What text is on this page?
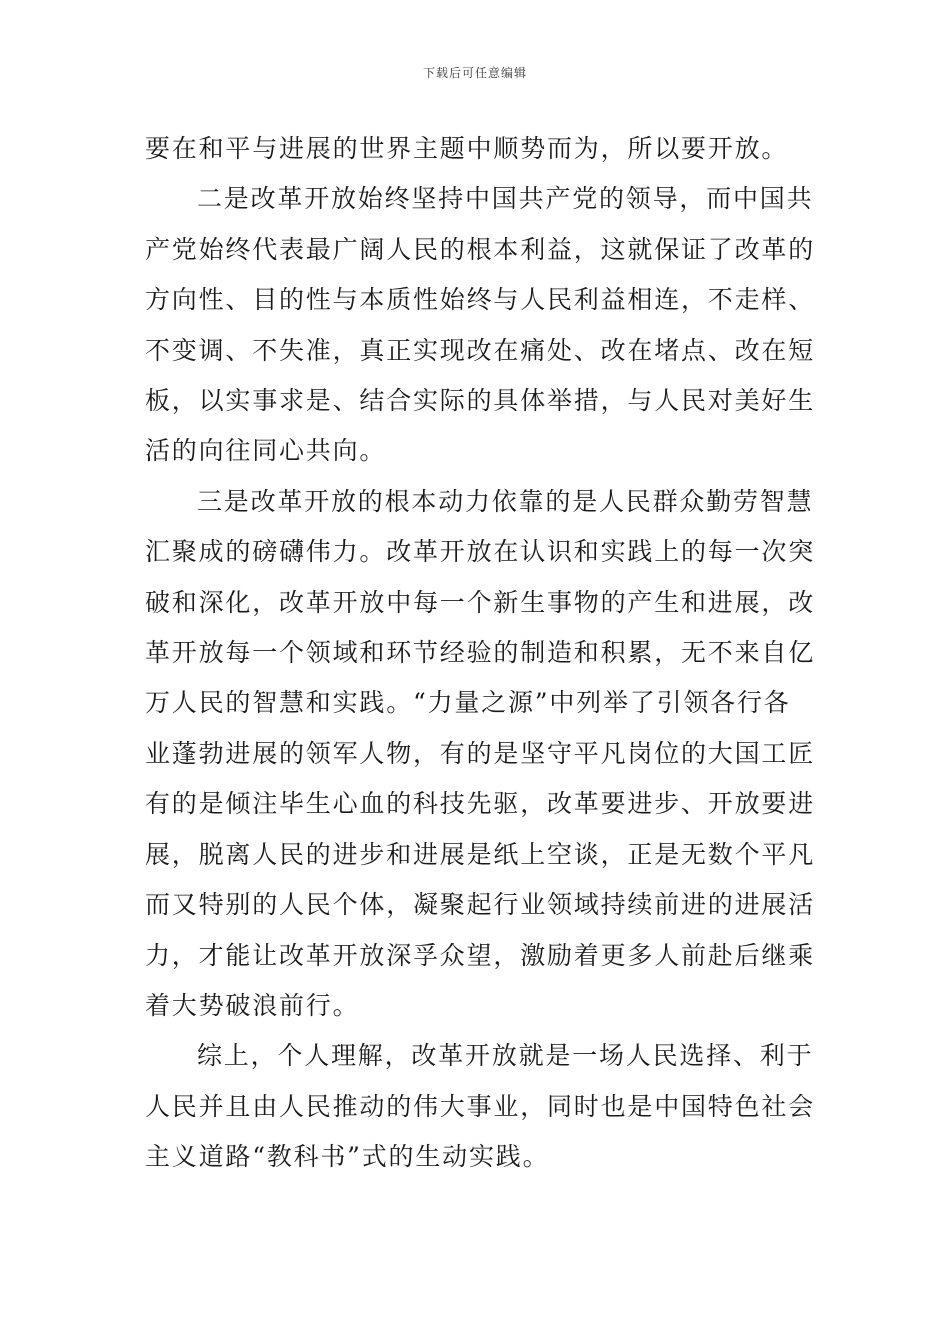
下载后可任意编辑
要在和平与进展的世界主题中顺势而为，所以要开放。
二是改革开放始终坚持中国共产党的领导，而中国共
产党始终代表最广阔人民的根本利益，这就保证了改革的
方向性、目的性与本质性始终与人民利益相连，不走样、
不变调、不失准，真正实现改在痛处、改在堵点、改在短
板，以实事求是、结合实际的具体举措，与人民对美好生
活的向往同心共向。
三是改革开放的根本动力依靠的是人民群众勤劳智慧
汇聚成的磅礴伟力。改革开放在认识和实践上的每一次突
破和深化，改革开放中每一个新生事物的产生和进展，改
革开放每一个领域和环节经验的制造和积累，无不来自亿
万人民的智慧和实践。“力量之源”中列举了引领各行各
业蓬勃进展的领军人物，有的是坚守平凡岗位的大国工匠
有的是倾注毕生心血的科技先驱，改革要进步、开放要进
展，脱离人民的进步和进展是纸上空谈，正是无数个平凡
而又特别的人民个体，凝聚起行业领域持续前进的进展活
力，才能让改革开放深孚众望，激励着更多人前赴后继乘
着大势破浪前行。
综上，个人理解，改革开放就是一场人民选择、利于
人民并且由人民推动的伟大事业，同时也是中国特色社会
主义道路“教科书”式的生动实践。
